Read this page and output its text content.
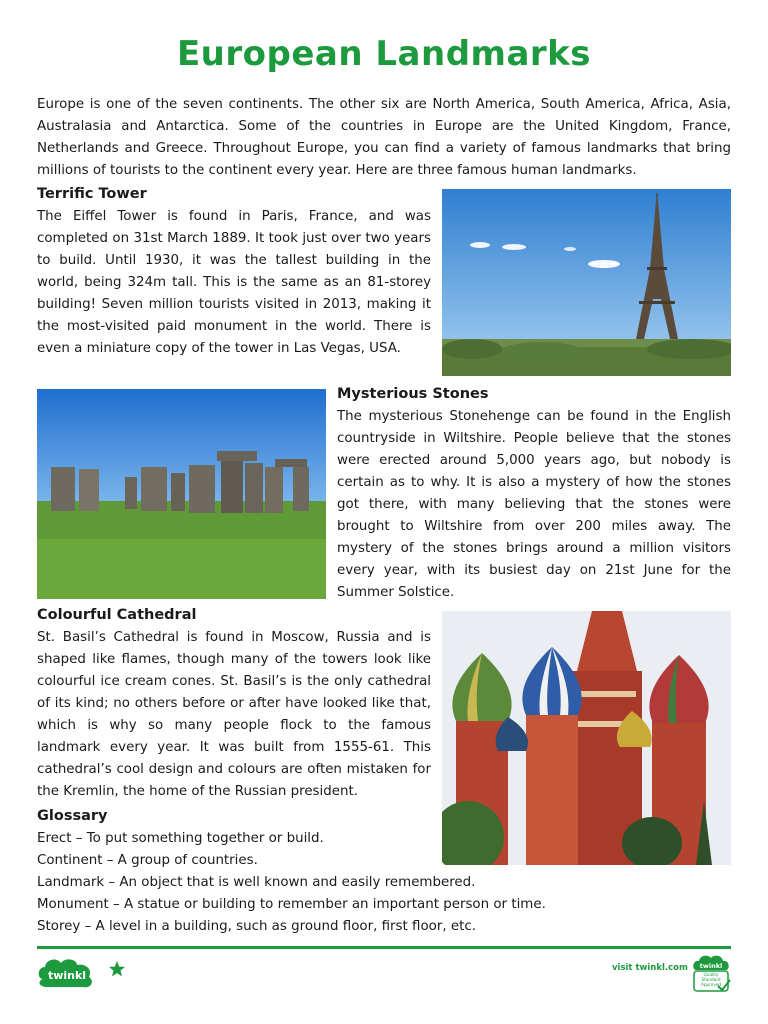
European Landmarks
Europe is one of the seven continents. The other six are North America, South America, Africa, Asia, Australasia and Antarctica. Some of the countries in Europe are the United Kingdom, France, Netherlands and Greece. Throughout Europe, you can find a variety of famous landmarks that bring millions of tourists to the continent every year. Here are three famous human landmarks.
Terrific Tower
The Eiffel Tower is found in Paris, France, and was completed on 31st March 1889. It took just over two years to build. Until 1930, it was the tallest building in the world, being 324m tall. This is the same as an 81-storey building! Seven million tourists visited in 2013, making it the most-visited paid monument in the world. There is even a miniature copy of the tower in Las Vegas, USA.
Mysterious Stones
The mysterious Stonehenge can be found in the English countryside in Wiltshire. People believe that the stones were erected around 5,000 years ago, but nobody is certain as to why. It is also a mystery of how the stones got there, with many believing that the stones were brought to Wiltshire from over 200 miles away. The mystery of the stones brings around a million visitors every year, with its busiest day on 21st June for the Summer Solstice.
Colourful Cathedral
St. Basil’s Cathedral is found in Moscow, Russia and is shaped like flames, though many of the towers look like colourful ice cream cones. St. Basil’s is the only cathedral of its kind; no others before or after have looked like that, which is why so many people flock to the famous landmark every year. It was built from 1555-61. This cathedral’s cool design and colours are often mistaken for the Kremlin, the home of the Russian president.
Glossary
Erect – To put something together or build.
Continent – A group of countries.
Landmark – An object that is well known and easily remembered.
Monument – A statue or building to remember an important person or time.
Storey – A level in a building, such as ground floor, first floor, etc.
twinkl
visit twinkl.com twinkl
Quality Standard Approved
